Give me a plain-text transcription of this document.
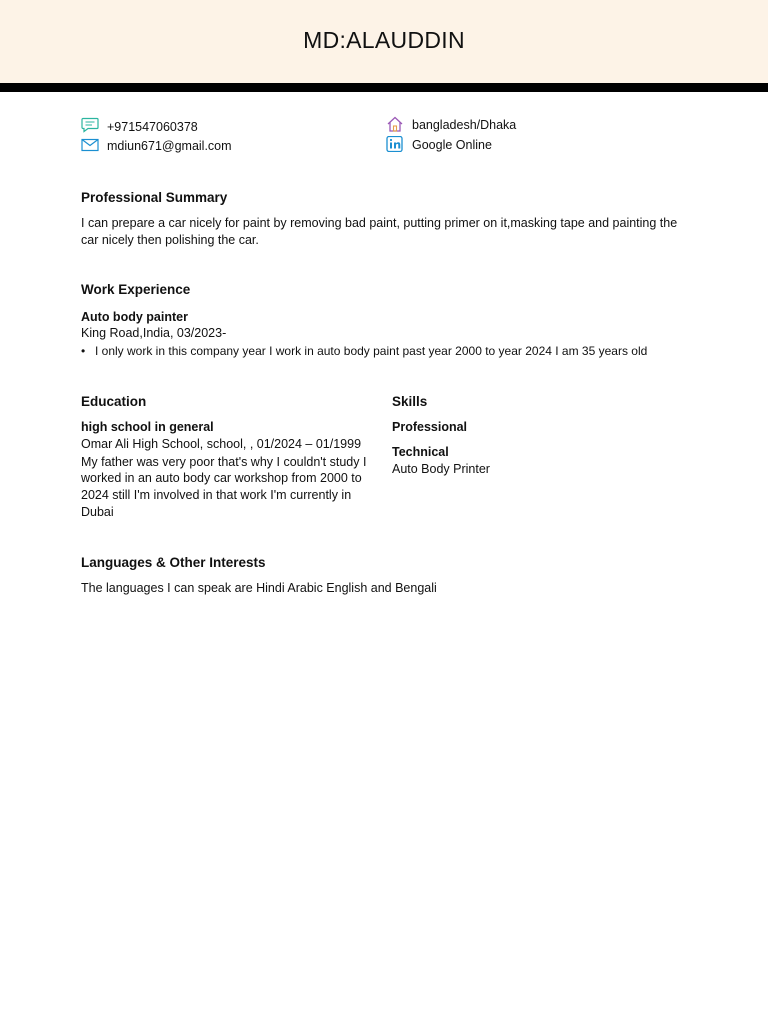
MD:ALAUDDIN
+971547060378
mdiun671@gmail.com
bangladesh/Dhaka
Google Online
Professional Summary
I can prepare a car nicely for paint by removing bad paint, putting primer on it,masking tape and painting the
car nicely then polishing the car.
Work Experience
Auto body painter
King Road,India, 03/2023-
• I only work in this company year I work in auto body paint past year 2000 to year 2024 I am 35 years old
Education
high school in general
Omar Ali High School, school, , 01/2024 – 01/1999
My father was very poor that's why I couldn't study I
worked in an auto body car workshop from 2000 to
2024 still I'm involved in that work I'm currently in
Dubai
Skills
Professional
Technical
Auto Body Printer
Languages & Other Interests
The languages I can speak are Hindi Arabic English and Bengali
